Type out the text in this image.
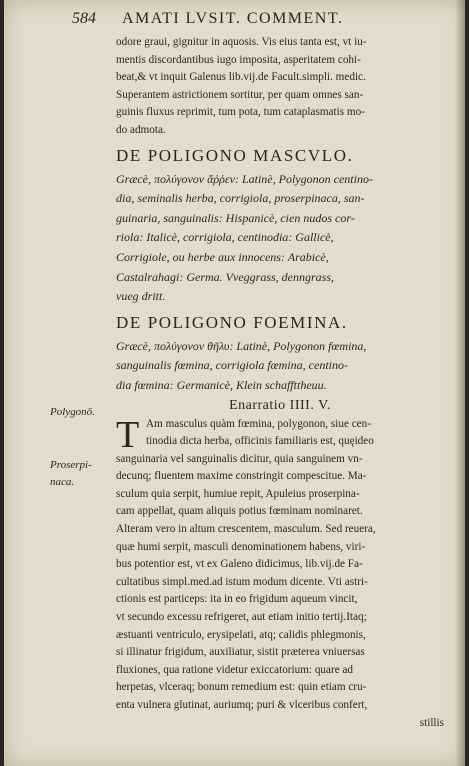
584 AMATI LVSIT. COMMENT.
Polygonō.
Proserpi-
naca.
odore graui, gignitur in aquosis. Vis eius tanta est, vt iu-
mentis discordantibus iugo imposita, asperitatem cohi-
beat,& vt inquit Galenus lib.vij.de Facult.simpli. medic.
Superantem astrictionem sortitur, per quam omnes san-
guinis fluxus reprimit, tum pota, tum cataplasmatis mo-
do admota.
DE POLIGONO MASCVLO.
Græcè, πολύγονον ἄῤῥεν: Latinè, Polygonon centino-
dia, seminalis herba, corrigiola, proserpinaca, san-
guinaria, sanguinalis: Hispanicè, cien nudos cor-
riola: Italicè, corrigiola, centinodia: Gallicè,
Corrigiole, ou herbe aux innocens: Arabicè,
Castalrahagi: Germa. Vveggrass, denngrass,
vueg dritt.
DE POLIGONO FOEMINA.
Græcè, πολύγονον θῆλυ: Latinè, Polygonon fœmina,
sanguinalis fœmina, corrigiola fœmina, centino-
dia fœmina: Germanicè, Klein schaffttheuu.
Enarratio IIII. V.
T Am masculus quàm fœmina, polygonon, siue cen-
tinodia dicta herba, officinis familiaris est, quęideo
sanguinaria vel sanguinalis dicitur, quia sanguinem vn-
decunq; fluentem maxime constringit compescitue. Ma-
sculum quia serpit, humiue repit, Apuleius proserpina-
cam appellat, quam aliquis potius fœminam nominaret.
Alteram vero in altum crescentem, masculum. Sed reuera,
quæ humi serpit, masculi denominationem habens, viri-
bus potentior est, vt ex Galeno didicimus, lib.vij.de Fa-
cultatibus simpl.med.ad istum modum dicente. Vti astri-
ctionis est particeps: ita in eo frigidum aqueum vincit,
vt secundo excessu refrigeret, aut etiam initio tertij.Itaq;
æstuanti ventriculo, erysipelati, atq; calidis phlegmonis,
si illinatur frigidum, auxiliatur, sistit præterea vniuersas
fluxiones, qua ratione videtur exiccatorium: quare ad
herpetas, vlceraq; bonum remedium est: quin etiam cru-
enta vulnera glutinat, auriumq; puri & vlceribus confert,
stillis
